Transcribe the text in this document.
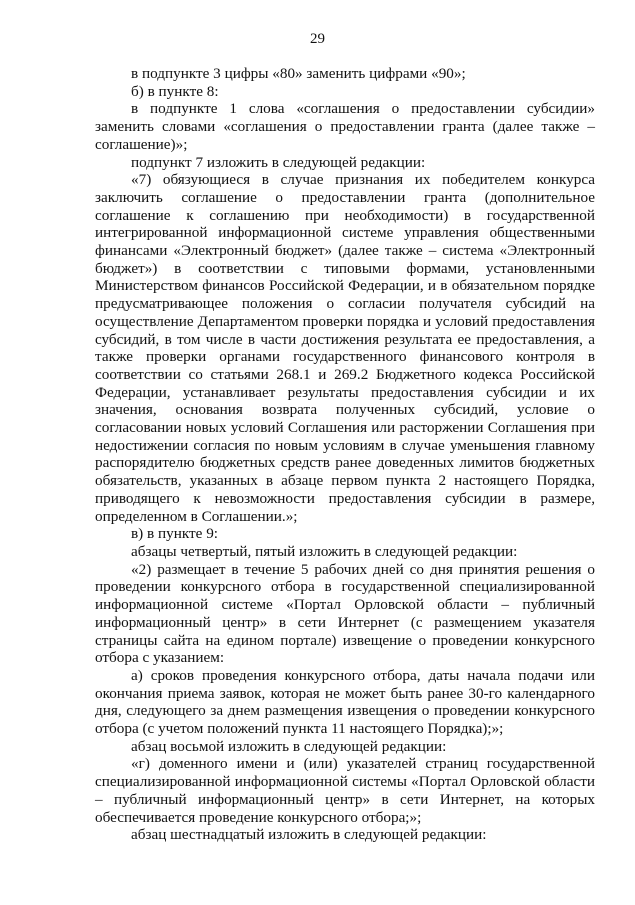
29

в подпункте 3 цифры «80» заменить цифрами «90»;

б) в пункте 8:

в подпункте 1 слова «соглашения о предоставлении субсидии» заменить словами «соглашения о предоставлении гранта (далее также – соглашение)»;

подпункт 7 изложить в следующей редакции:

«7) обязующиеся в случае признания их победителем конкурса заключить соглашение о предоставлении гранта (дополнительное соглашение к соглашению при необходимости) в государственной интегрированной информационной системе управления общественными финансами «Электронный бюджет» (далее также – система «Электронный бюджет») в соответствии с типовыми формами, установленными Министерством финансов Российской Федерации, и в обязательном порядке предусматривающее положения о согласии получателя субсидий на осуществление Департаментом проверки порядка и условий предоставления субсидий, в том числе в части достижения результата ее предоставления, а также проверки органами государственного финансового контроля в соответствии со статьями 268.1 и 269.2 Бюджетного кодекса Российской Федерации, устанавливает результаты предоставления субсидии и их значения, основания возврата полученных субсидий, условие о согласовании новых условий Соглашения или расторжении Соглашения при недостижении согласия по новым условиям в случае уменьшения главному распорядителю бюджетных средств ранее доведенных лимитов бюджетных обязательств, указанных в абзаце первом пункта 2 настоящего Порядка, приводящего к невозможности предоставления субсидии в размере, определенном в Соглашении.»;

в) в пункте 9:

абзацы четвертый, пятый изложить в следующей редакции:

«2) размещает в течение 5 рабочих дней со дня принятия решения о проведении конкурсного отбора в государственной специализированной информационной системе «Портал Орловской области – публичный информационный центр» в сети Интернет (с размещением указателя страницы сайта на едином портале) извещение о проведении конкурсного отбора с указанием:

а) сроков проведения конкурсного отбора, даты начала подачи или окончания приема заявок, которая не может быть ранее 30-го календарного дня, следующего за днем размещения извещения о проведении конкурсного отбора (с учетом положений пункта 11 настоящего Порядка);»;

абзац восьмой изложить в следующей редакции:

«г) доменного имени и (или) указателей страниц государственной специализированной информационной системы «Портал Орловской области – публичный информационный центр» в сети Интернет, на которых обеспечивается проведение конкурсного отбора;»;

абзац шестнадцатый изложить в следующей редакции:
